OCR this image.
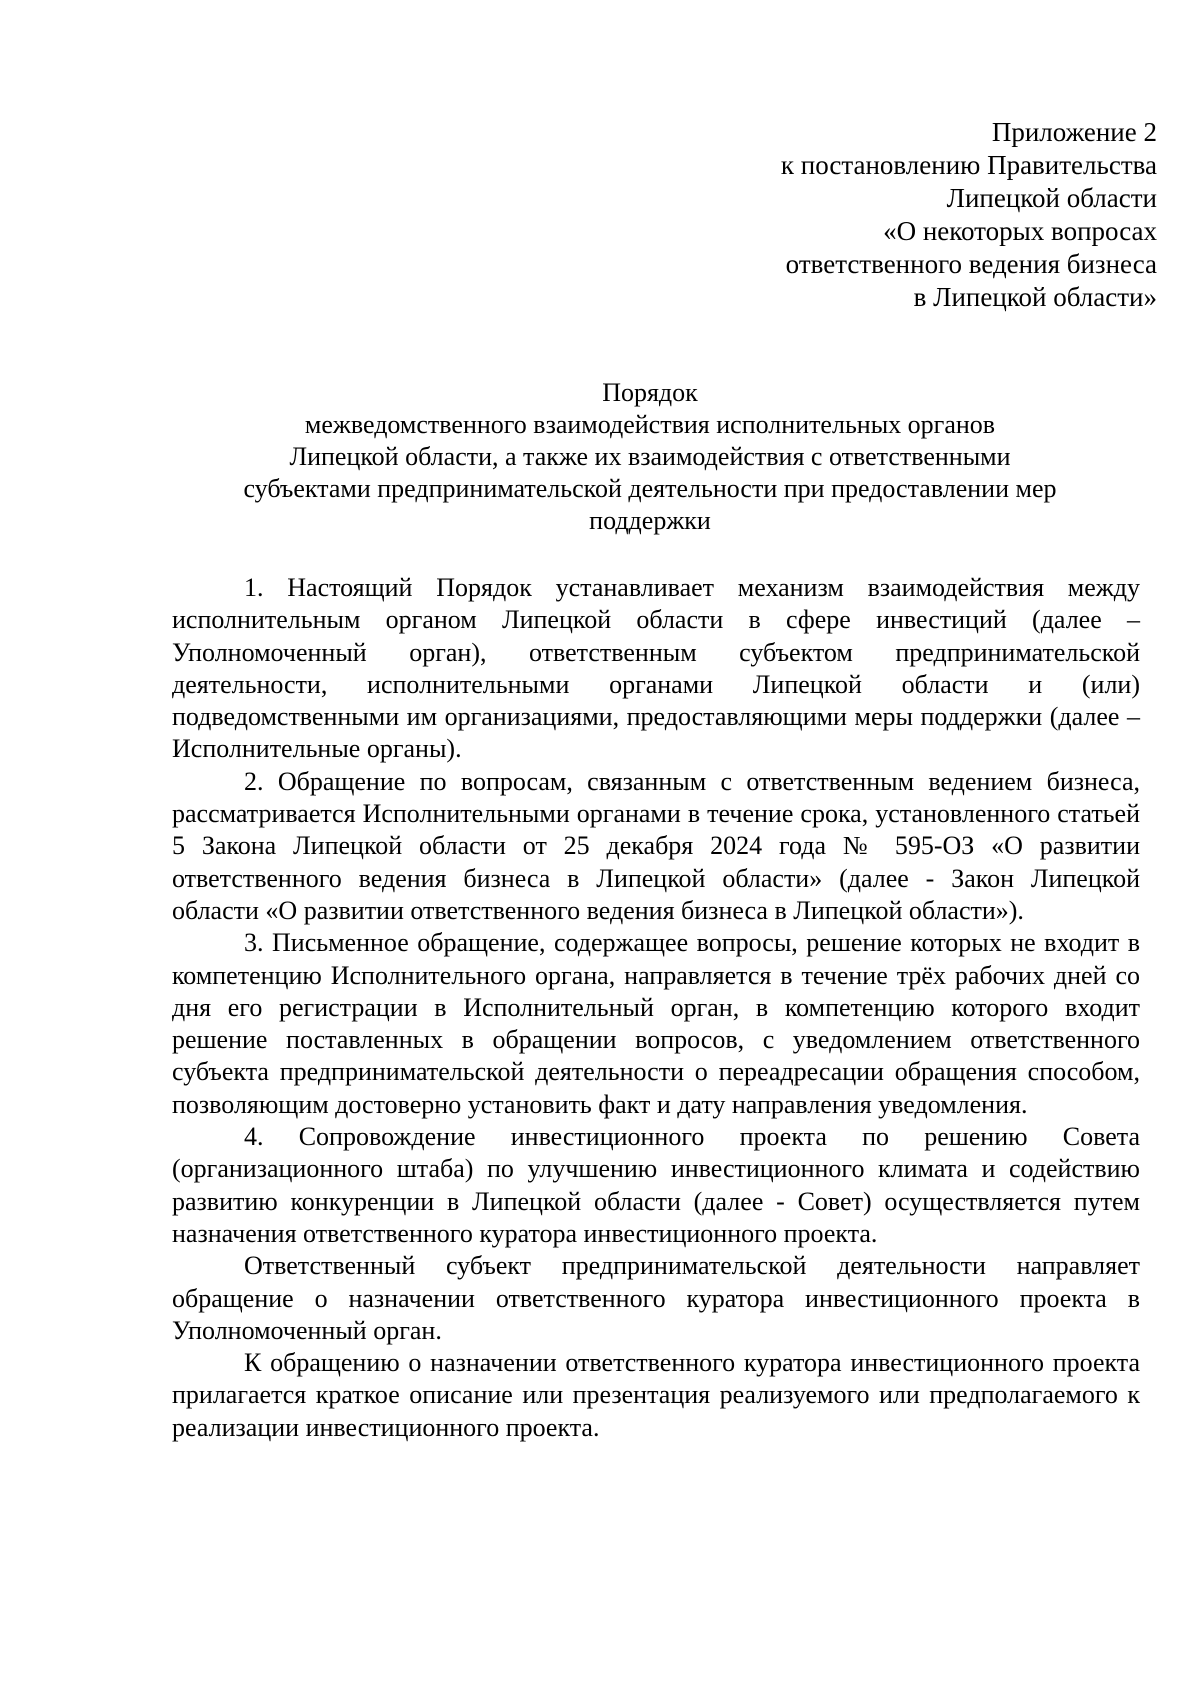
Приложение 2
к постановлению Правительства
Липецкой области
«О некоторых вопросах
ответственного ведения бизнеса
в Липецкой области»
Порядок
межведомственного взаимодействия исполнительных органов
Липецкой области, а также их взаимодействия с ответственными
субъектами предпринимательской деятельности при предоставлении мер
поддержки

1. Настоящий Порядок устанавливает механизм взаимодействия между исполнительным органом Липецкой области в сфере инвестиций (далее – Уполномоченный орган), ответственным субъектом предпринимательской деятельности, исполнительными органами Липецкой области и (или) подведомственными им организациями, предоставляющими меры поддержки (далее – Исполнительные органы).

2. Обращение по вопросам, связанным с ответственным ведением бизнеса, рассматривается Исполнительными органами в течение срока, установленного статьей 5 Закона Липецкой области от 25 декабря 2024 года № 595-ОЗ «О развитии ответственного ведения бизнеса в Липецкой области» (далее - Закон Липецкой области «О развитии ответственного ведения бизнеса в Липецкой области»).

3. Письменное обращение, содержащее вопросы, решение которых не входит в компетенцию Исполнительного органа, направляется в течение трёх рабочих дней со дня его регистрации в Исполнительный орган, в компетенцию которого входит решение поставленных в обращении вопросов, с уведомлением ответственного субъекта предпринимательской деятельности о переадресации обращения способом, позволяющим достоверно установить факт и дату направления уведомления.

4. Сопровождение инвестиционного проекта по решению Совета (организационного штаба) по улучшению инвестиционного климата и содействию развитию конкуренции в Липецкой области (далее - Совет) осуществляется путем назначения ответственного куратора инвестиционного проекта.

Ответственный субъект предпринимательской деятельности направляет обращение о назначении ответственного куратора инвестиционного проекта в Уполномоченный орган.

К обращению о назначении ответственного куратора инвестиционного проекта прилагается краткое описание или презентация реализуемого или предполагаемого к реализации инвестиционного проекта.
